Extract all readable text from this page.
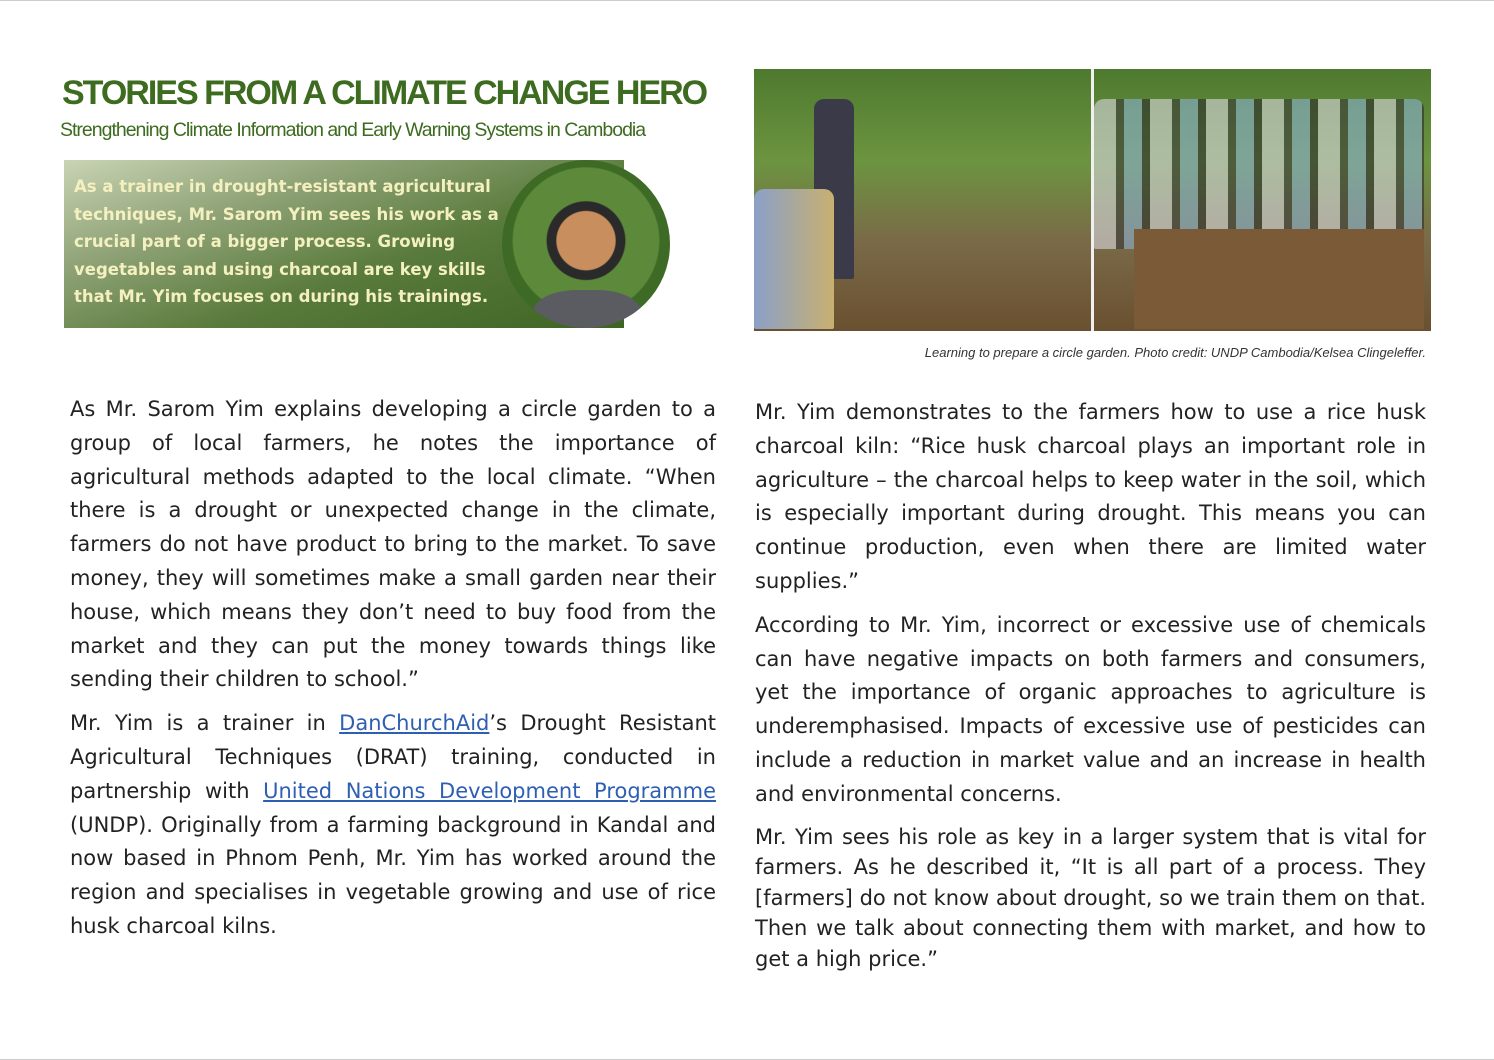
STORIES FROM A CLIMATE CHANGE HERO
Strengthening Climate Information and Early Warning Systems in Cambodia
As a trainer in drought-resistant agricultural techniques, Mr. Sarom Yim sees his work as a crucial part of a bigger process. Growing vegetables and using charcoal are key skills that Mr. Yim focuses on during his trainings.
Learning to prepare a circle garden. Photo credit: UNDP Cambodia/Kelsea Clingeleffer.

As Mr. Sarom Yim explains developing a circle garden to a group of local farmers, he notes the importance of agricultural methods adapted to the local climate. “When there is a drought or unexpected change in the climate, farmers do not have product to bring to the market. To save money, they will sometimes make a small garden near their house, which means they don’t need to buy food from the market and they can put the money towards things like sending their children to school.”

Mr. Yim is a trainer in DanChurchAid’s Drought Resistant Agricultural Techniques (DRAT) training, conducted in partnership with United Nations Development Programme (UNDP). Originally from a farming background in Kandal and now based in Phnom Penh, Mr. Yim has worked around the region and specialises in vegetable growing and use of rice husk charcoal kilns.

Mr. Yim demonstrates to the farmers how to use a rice husk charcoal kiln: “Rice husk charcoal plays an important role in agriculture – the charcoal helps to keep water in the soil, which is especially important during drought. This means you can continue production, even when there are limited water supplies.”

According to Mr. Yim, incorrect or excessive use of chemicals can have negative impacts on both farmers and consumers, yet the importance of organic approaches to agriculture is underemphasised. Impacts of excessive use of pesticides can include a reduction in market value and an increase in health and environmental concerns.

Mr. Yim sees his role as key in a larger system that is vital for farmers. As he described it, “It is all part of a process. They [farmers] do not know about drought, so we train them on that. Then we talk about connecting them with market, and how to get a high price.”
